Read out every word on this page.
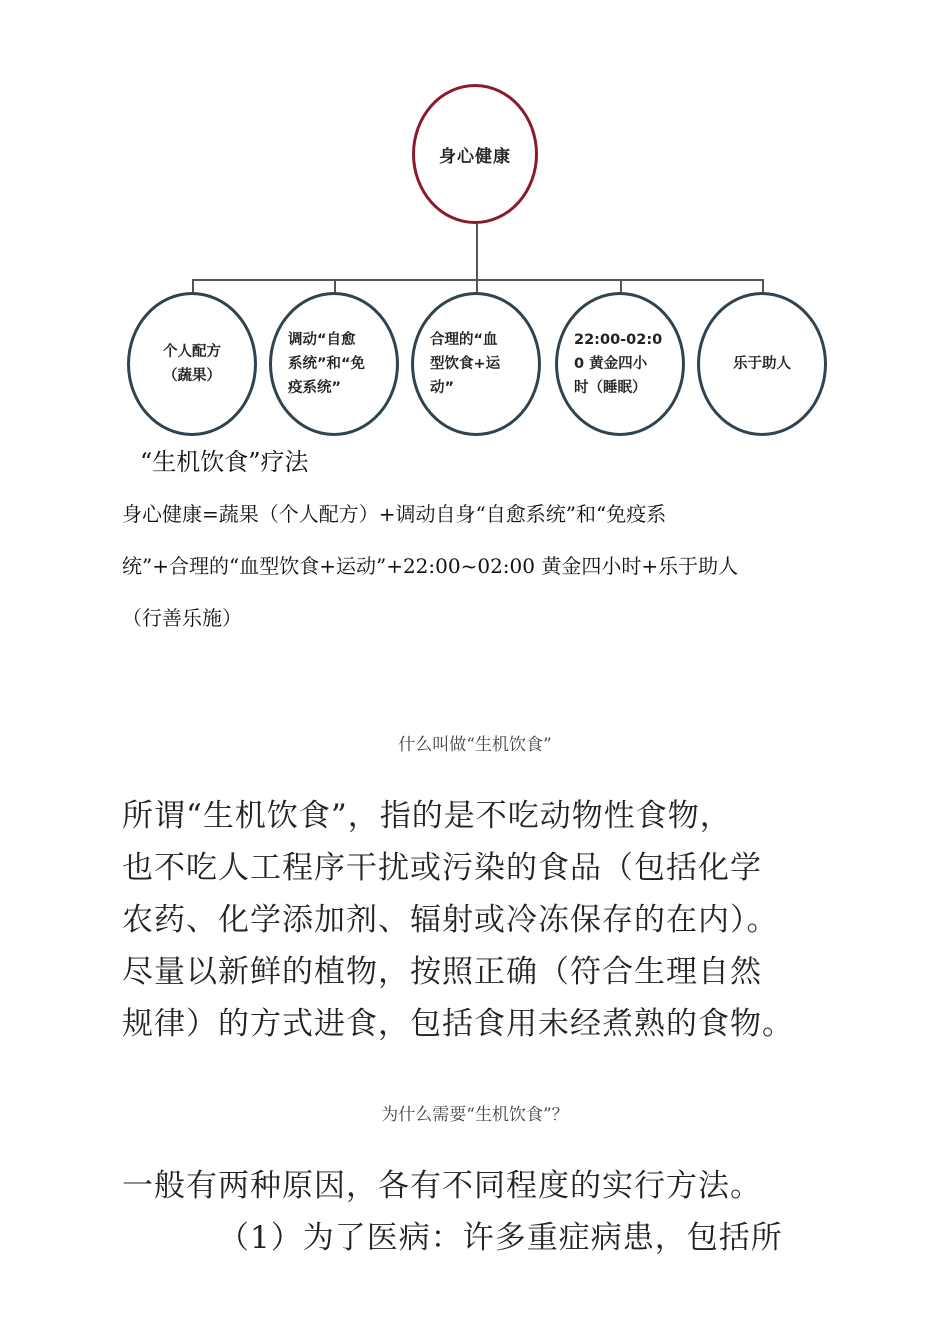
身心健康
个人配方
（蔬果）
调动“自愈
系统”和“免
疫系统”
合理的“血
型饮食+运
动”
22:00-02:0
0 黄金四小
时（睡眠）
乐于助人
“生机饮食”疗法
身心健康=蔬果（个人配方）+调动自身“自愈系统”和“免疫系
统”+合理的“血型饮食+运动”+22:00~02:00 黄金四小时+乐于助人
（行善乐施）
什么叫做“生机饮食”
所谓“生机饮食”，指的是不吃动物性食物，
也不吃人工程序干扰或污染的食品（包括化学
农药、化学添加剂、辐射或冷冻保存的在内）。
尽量以新鲜的植物，按照正确（符合生理自然
规律）的方式进食，包括食用未经煮熟的食物。
为什么需要“生机饮食”？
一般有两种原因，各有不同程度的实行方法。
（1）为了医病：许多重症病患，包括所
